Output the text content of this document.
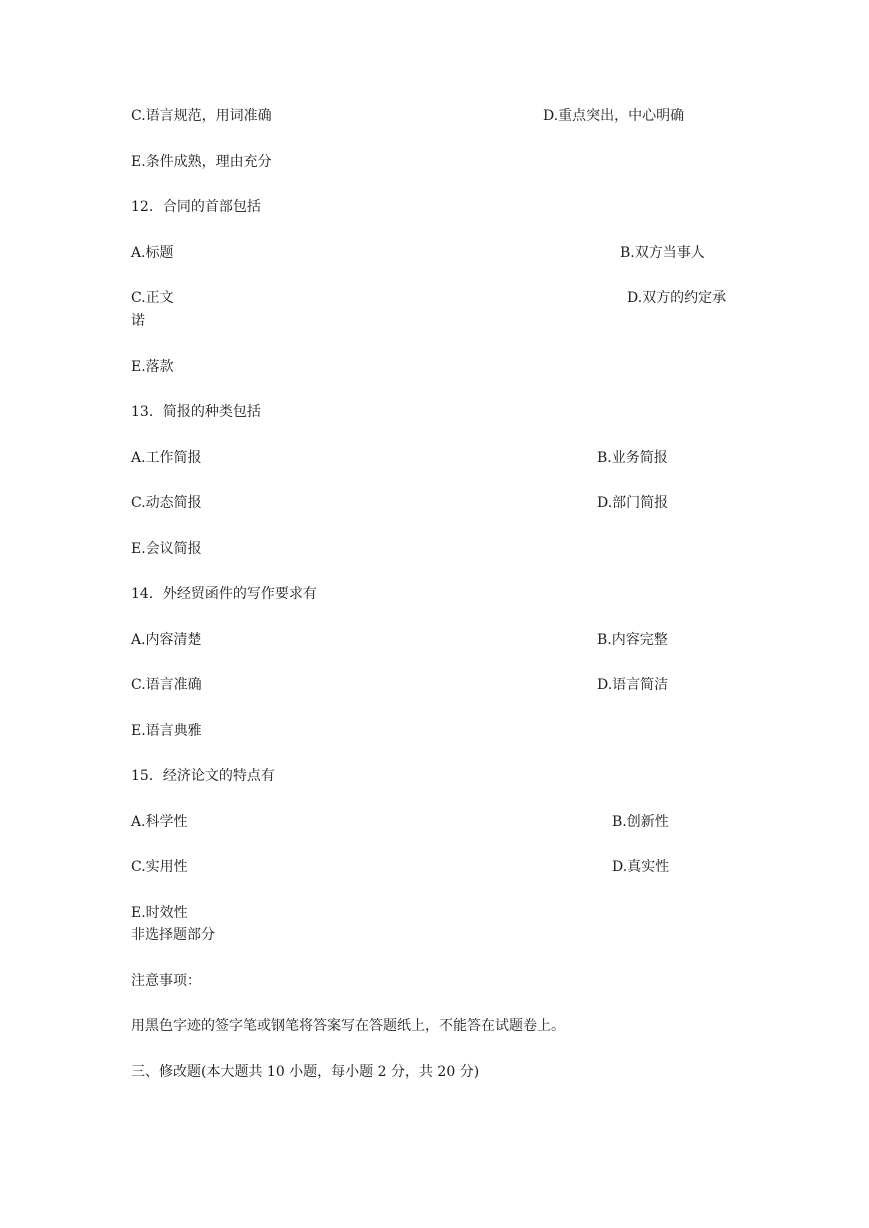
C.语言规范，用词准确	D.重点突出，中心明确
E.条件成熟，理由充分
12．合同的首部包括
A.标题	B.双方当事人
C.正文	D.双方的约定承
诺
E.落款
13．简报的种类包括
A.工作简报	B.业务简报
C.动态简报	D.部门简报
E.会议简报
14．外经贸函件的写作要求有
A.内容清楚	B.内容完整
C.语言准确	D.语言简洁
E.语言典雅
15．经济论文的特点有
A.科学性	B.创新性
C.实用性	D.真实性
E.时效性
非选择题部分
注意事项：
用黑色字迹的签字笔或钢笔将答案写在答题纸上，不能答在试题卷上。
三、修改题(本大题共 10 小题，每小题 2 分，共 20 分)
